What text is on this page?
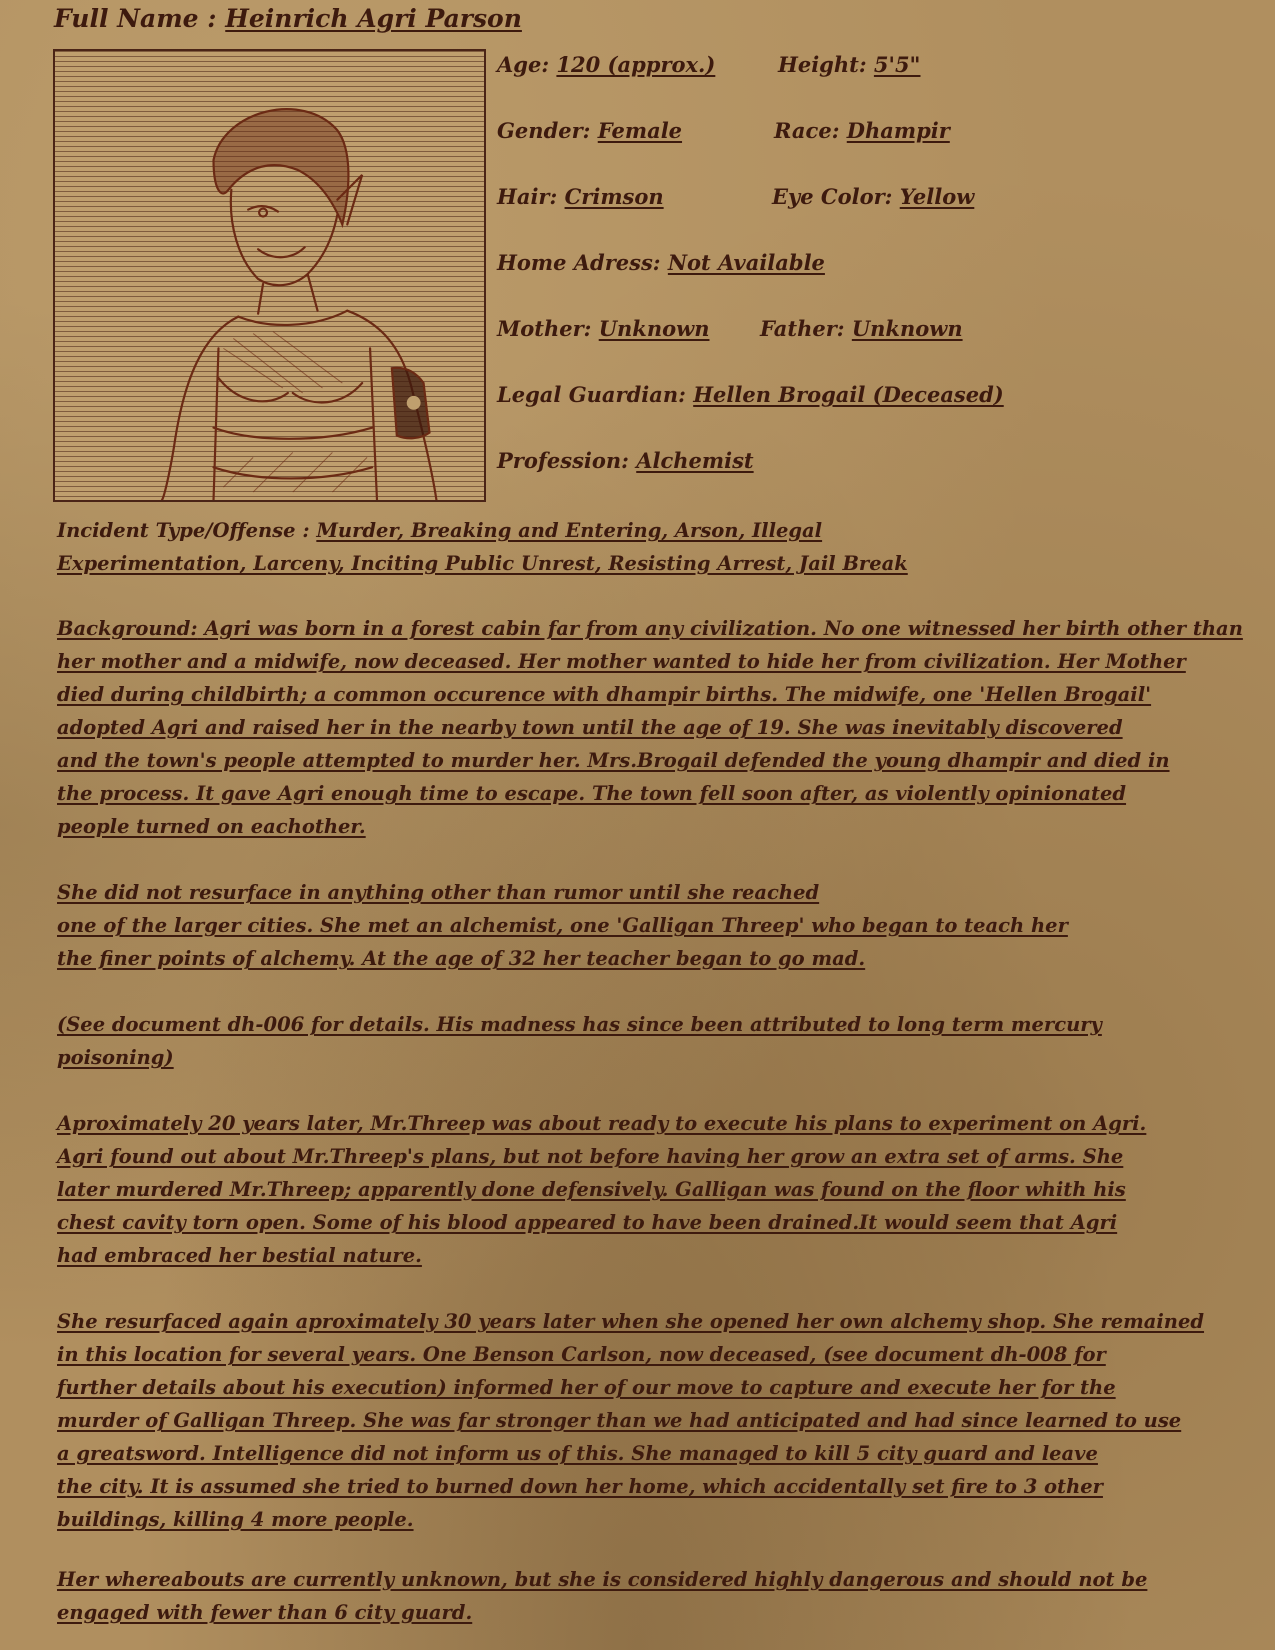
Full Name : Heinrich Agri Parson
Age: 120 (approx.)	Height: 5'5"
Gender: Female	Race: Dhampir
Hair: Crimson	Eye Color: Yellow
Home Adress: Not Available
Mother: Unknown Father: Unknown
Legal Guardian: Hellen Brogail (Deceased)
Profession: Alchemist
Incident Type/Offense : Murder, Breaking and Entering, Arson, Illegal
Experimentation, Larceny, Inciting Public Unrest, Resisting Arrest, Jail Break
Background: Agri was born in a forest cabin far from any civilization. No one witnessed her birth other than
her mother and a midwife, now deceased. Her mother wanted to hide her from civilization. Her Mother
died during childbirth; a common occurence with dhampir births. The midwife, one 'Hellen Brogail'
adopted Agri and raised her in the nearby town until the age of 19. She was inevitably discovered
and the town's people attempted to murder her. Mrs.Brogail defended the young dhampir and died in
the process. It gave Agri enough time to escape. The town fell soon after, as violently opinionated
people turned on eachother.
She did not resurface in anything other than rumor until she reached
one of the larger cities. She met an alchemist, one 'Galligan Threep' who began to teach her
the finer points of alchemy. At the age of 32 her teacher began to go mad.
(See document dh-006 for details. His madness has since been attributed to long term mercury
poisoning)
Aproximately 20 years later, Mr.Threep was about ready to execute his plans to experiment on Agri.
Agri found out about Mr.Threep's plans, but not before having her grow an extra set of arms. She
later murdered Mr.Threep; apparently done defensively. Galligan was found on the floor whith his
chest cavity torn open. Some of his blood appeared to have been drained.It would seem that Agri
had embraced her bestial nature.
She resurfaced again aproximately 30 years later when she opened her own alchemy shop. She remained
in this location for several years. One Benson Carlson, now deceased, (see document dh-008 for
further details about his execution) informed her of our move to capture and execute her for the
murder of Galligan Threep. She was far stronger than we had anticipated and had since learned to use
a greatsword. Intelligence did not inform us of this. She managed to kill 5 city guard and leave
the city. It is assumed she tried to burned down her home, which accidentally set fire to 3 other
buildings, killing 4 more people.
Her whereabouts are currently unknown, but she is considered highly dangerous and should not be
engaged with fewer than 6 city guard.
